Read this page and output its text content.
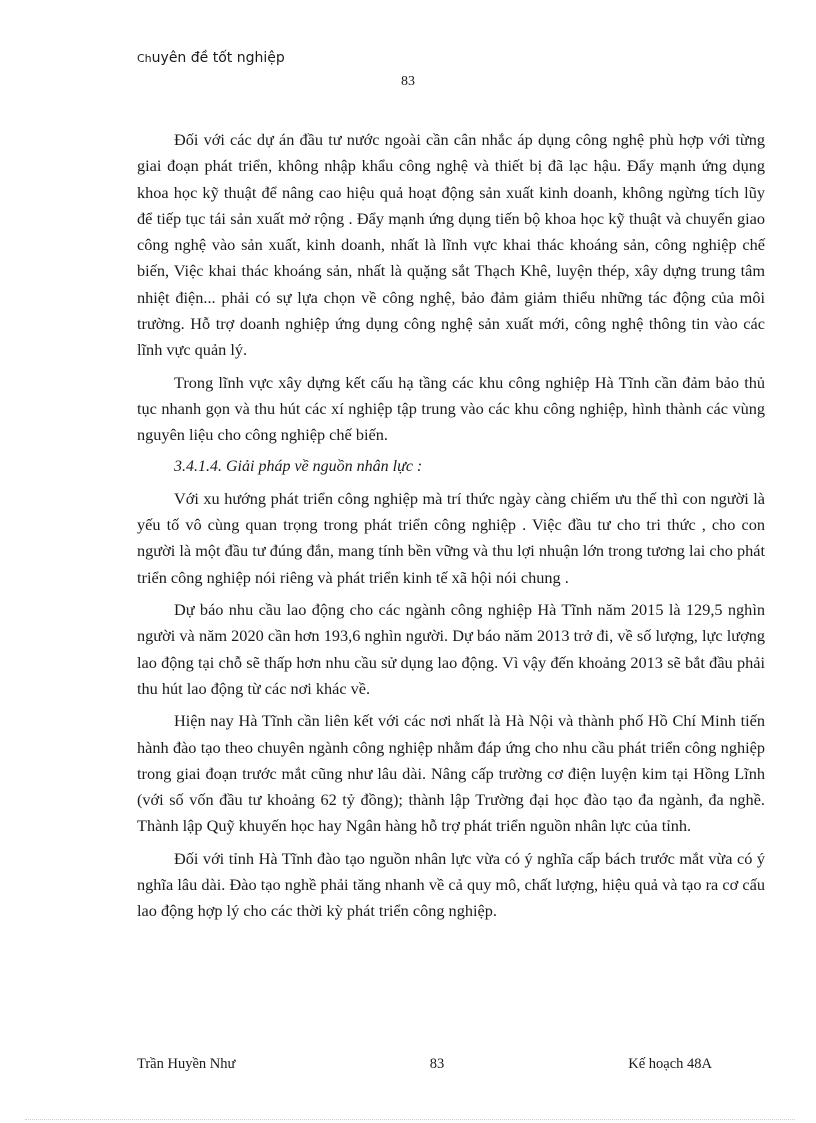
Chuyên đề tốt nghiệp
83

Đối với các dự án đầu tư nước ngoài cần cân nhắc áp dụng công nghệ phù hợp với từng giai đoạn phát triển, không nhập khẩu công nghệ và thiết bị đã lạc hậu. Đẩy mạnh ứng dụng khoa học kỹ thuật để nâng cao hiệu quả hoạt động sản xuất kinh doanh, không ngừng tích lũy để tiếp tục tái sản xuất mở rộng . Đẩy mạnh ứng dụng tiến bộ khoa học kỹ thuật và chuyển giao công nghệ vào sản xuất, kinh doanh, nhất là lĩnh vực khai thác khoáng sản, công nghiệp chế biến, Việc khai thác khoáng sản, nhất là quặng sắt Thạch Khê, luyện thép, xây dựng trung tâm nhiệt điện... phải có sự lựa chọn về công nghệ, bảo đảm giảm thiểu những tác động của môi trường. Hỗ trợ doanh nghiệp ứng dụng công nghệ sản xuất mới, công nghệ thông tin vào các lĩnh vực quản lý.

Trong lĩnh vực xây dựng kết cấu hạ tầng các khu công nghiệp Hà Tĩnh cần đảm bảo thủ tục nhanh gọn và thu hút các xí nghiệp tập trung vào các khu công nghiệp, hình thành các vùng nguyên liệu cho công nghiệp chế biến.

3.4.1.4. Giải pháp về nguồn nhân lực :

Với xu hướng phát triển công nghiệp mà trí thức ngày càng chiếm ưu thế thì con người là yếu tố vô cùng quan trọng trong phát triển công nghiệp . Việc đầu tư cho tri thức , cho con người là một đầu tư đúng đắn, mang tính bền vững và thu lợi nhuận lớn trong tương lai cho phát triển công nghiệp nói riêng và phát triển kinh tế xã hội nói chung .

Dự báo nhu cầu lao động cho các ngành công nghiệp Hà Tĩnh năm 2015 là 129,5 nghìn người và năm 2020 cần hơn 193,6 nghìn người. Dự báo năm 2013 trở đi, về số lượng, lực lượng lao động tại chỗ sẽ thấp hơn nhu cầu sử dụng lao động. Vì vậy đến khoảng 2013 sẽ bắt đầu phải thu hút lao động từ các nơi khác về.

Hiện nay Hà Tĩnh cần liên kết với các nơi nhất là Hà Nội và thành phố Hồ Chí Minh tiến hành đào tạo theo chuyên ngành công nghiệp nhằm đáp ứng cho nhu cầu phát triển công nghiệp trong giai đoạn trước mắt cũng như lâu dài. Nâng cấp trường cơ điện luyện kim tại Hồng Lĩnh (với số vốn đầu tư khoảng 62 tỷ đồng); thành lập Trường đại học đào tạo đa ngành, đa nghề. Thành lập Quỹ khuyến học hay Ngân hàng hỗ trợ phát triển nguồn nhân lực của tỉnh.

Đối với tỉnh Hà Tĩnh đào tạo nguồn nhân lực vừa có ý nghĩa cấp bách trước mắt vừa có ý nghĩa lâu dài. Đào tạo nghề phải tăng nhanh về cả quy mô, chất lượng, hiệu quả và tạo ra cơ cấu lao động hợp lý cho các thời kỳ phát triển công nghiệp.

Trần Huyền Như	83	Kế hoạch 48A
